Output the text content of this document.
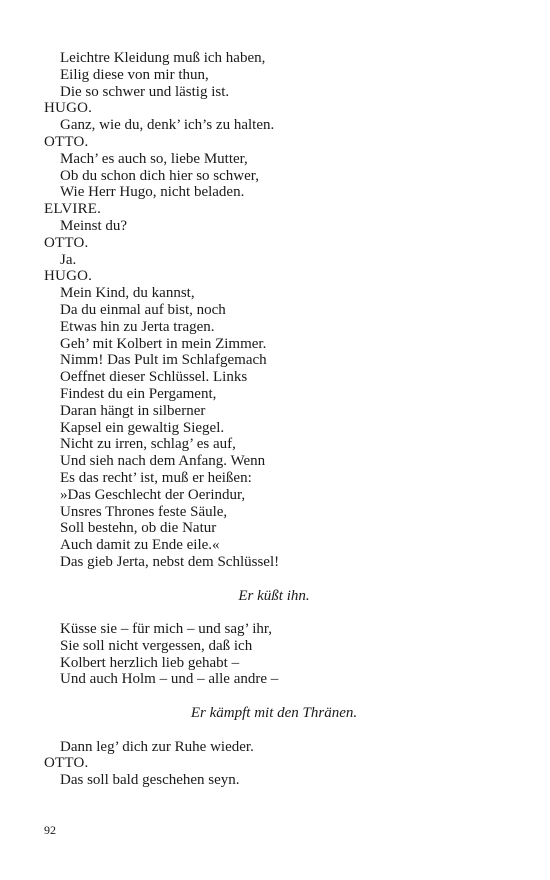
Leichtre Kleidung muß ich haben,
Eilig diese von mir thun,
Die so schwer und lästig ist.
HUGO.
Ganz, wie du, denk’ ich’s zu halten.
OTTO.
Mach’ es auch so, liebe Mutter,
Ob du schon dich hier so schwer,
Wie Herr Hugo, nicht beladen.
ELVIRE.
Meinst du?
OTTO.
Ja.
HUGO.
Mein Kind, du kannst,
Da du einmal auf bist, noch
Etwas hin zu Jerta tragen.
Geh’ mit Kolbert in mein Zimmer.
Nimm! Das Pult im Schlafgemach
Oeffnet dieser Schlüssel. Links
Findest du ein Pergament,
Daran hängt in silberner
Kapsel ein gewaltig Siegel.
Nicht zu irren, schlag’ es auf,
Und sieh nach dem Anfang. Wenn
Es das recht’ ist, muß er heißen:
»Das Geschlecht der Oerindur,
Unsres Thrones feste Säule,
Soll bestehn, ob die Natur
Auch damit zu Ende eile.«
Das gieb Jerta, nebst dem Schlüssel!
Er küßt ihn.
Küsse sie – für mich – und sag’ ihr,
Sie soll nicht vergessen, daß ich
Kolbert herzlich lieb gehabt –
Und auch Holm – und – alle andre –
Er kämpft mit den Thränen.
Dann leg’ dich zur Ruhe wieder.
OTTO.
Das soll bald geschehen seyn.
92
